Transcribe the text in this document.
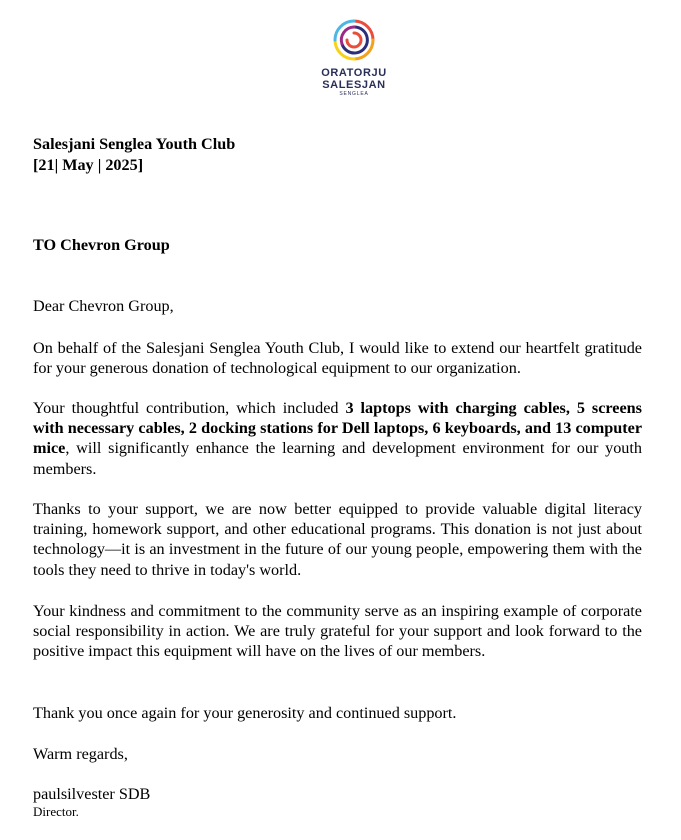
ORATORJU
SALESJAN
SENGLEA
Salesjani Senglea Youth Club
[21| May | 2025]
TO Chevron Group
Dear Chevron Group,
On behalf of the Salesjani Senglea Youth Club, I would like to extend our heartfelt gratitude for your generous donation of technological equipment to our organization.
Your thoughtful contribution, which included 3 laptops with charging cables, 5 screens with necessary cables, 2 docking stations for Dell laptops, 6 keyboards, and 13 computer mice, will significantly enhance the learning and development environment for our youth members.
Thanks to your support, we are now better equipped to provide valuable digital literacy training, homework support, and other educational programs. This donation is not just about technology—it is an investment in the future of our young people, empowering them with the tools they need to thrive in today's world.
Your kindness and commitment to the community serve as an inspiring example of corporate social responsibility in action. We are truly grateful for your support and look forward to the positive impact this equipment will have on the lives of our members.
Thank you once again for your generosity and continued support.
Warm regards,
paulsilvester SDB
Director.
